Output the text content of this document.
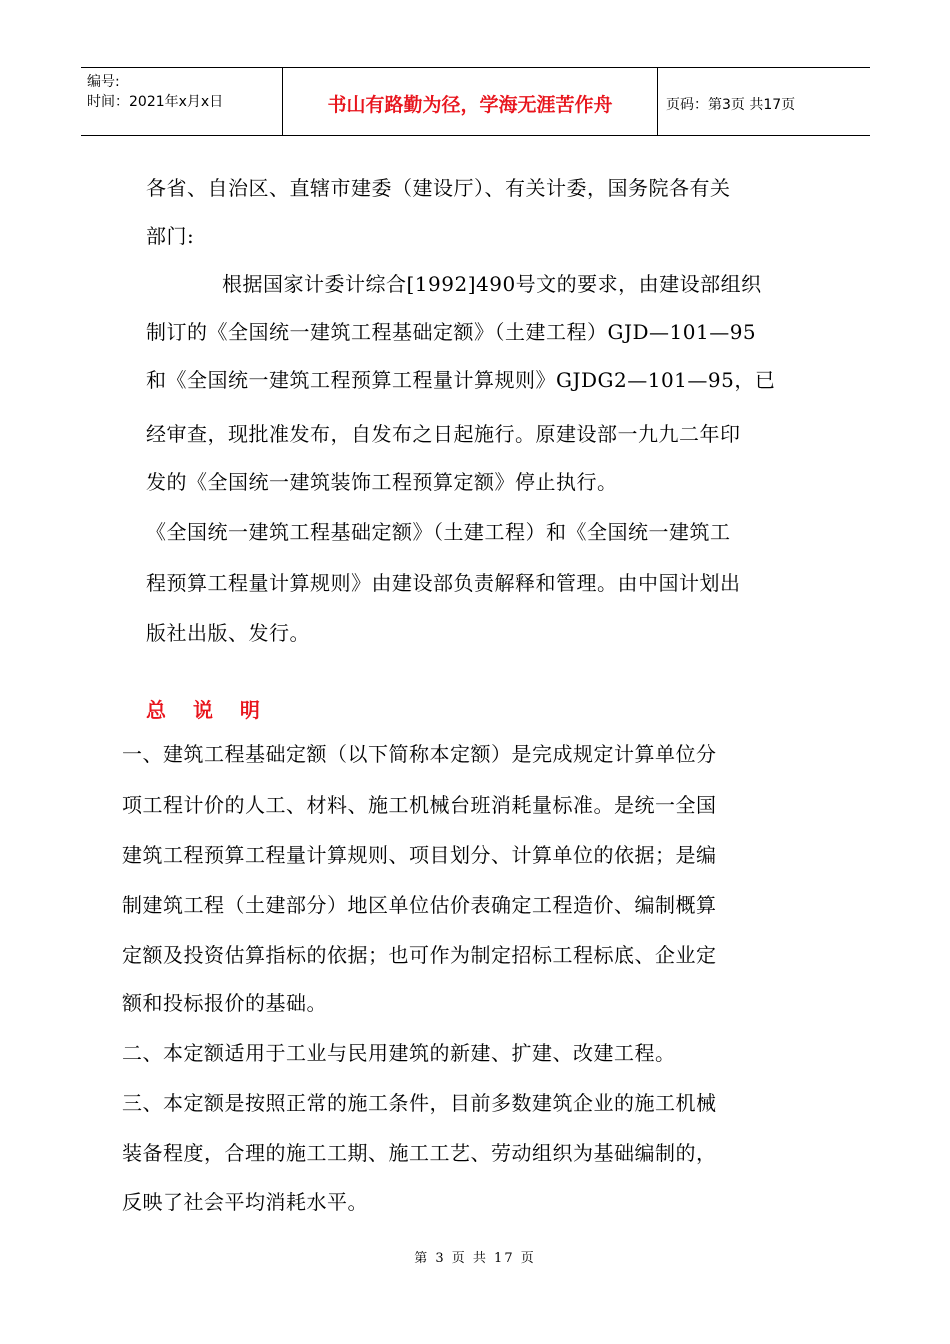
编号:
时间：2021年x月x日	书山有路勤为径，学海无涯苦作舟	页码：第3页 共17页
各省、自治区、直辖市建委（建设厅）、有关计委，国务院各有关
部门:
根据国家计委计综合[1992]490号文的要求，由建设部组织
制订的《全国统一建筑工程基础定额》（土建工程）GJD—101—95
和《全国统一建筑工程预算工程量计算规则》GJDG2—101—95，已
经审查，现批准发布，自发布之日起施行。原建设部一九九二年印
发的《全国统一建筑装饰工程预算定额》停止执行。
《全国统一建筑工程基础定额》（土建工程）和《全国统一建筑工
程预算工程量计算规则》由建设部负责解释和管理。由中国计划出
版社出版、发行。
总 说 明
一、建筑工程基础定额（以下简称本定额）是完成规定计算单位分
项工程计价的人工、材料、施工机械台班消耗量标准。是统一全国
建筑工程预算工程量计算规则、项目划分、计算单位的依据；是编
制建筑工程（土建部分）地区单位估价表确定工程造价、编制概算
定额及投资估算指标的依据；也可作为制定招标工程标底、企业定
额和投标报价的基础。
二、本定额适用于工业与民用建筑的新建、扩建、改建工程。
三、本定额是按照正常的施工条件，目前多数建筑企业的施工机械
装备程度，合理的施工工期、施工工艺、劳动组织为基础编制的，
反映了社会平均消耗水平。
第 3 页 共 17 页
